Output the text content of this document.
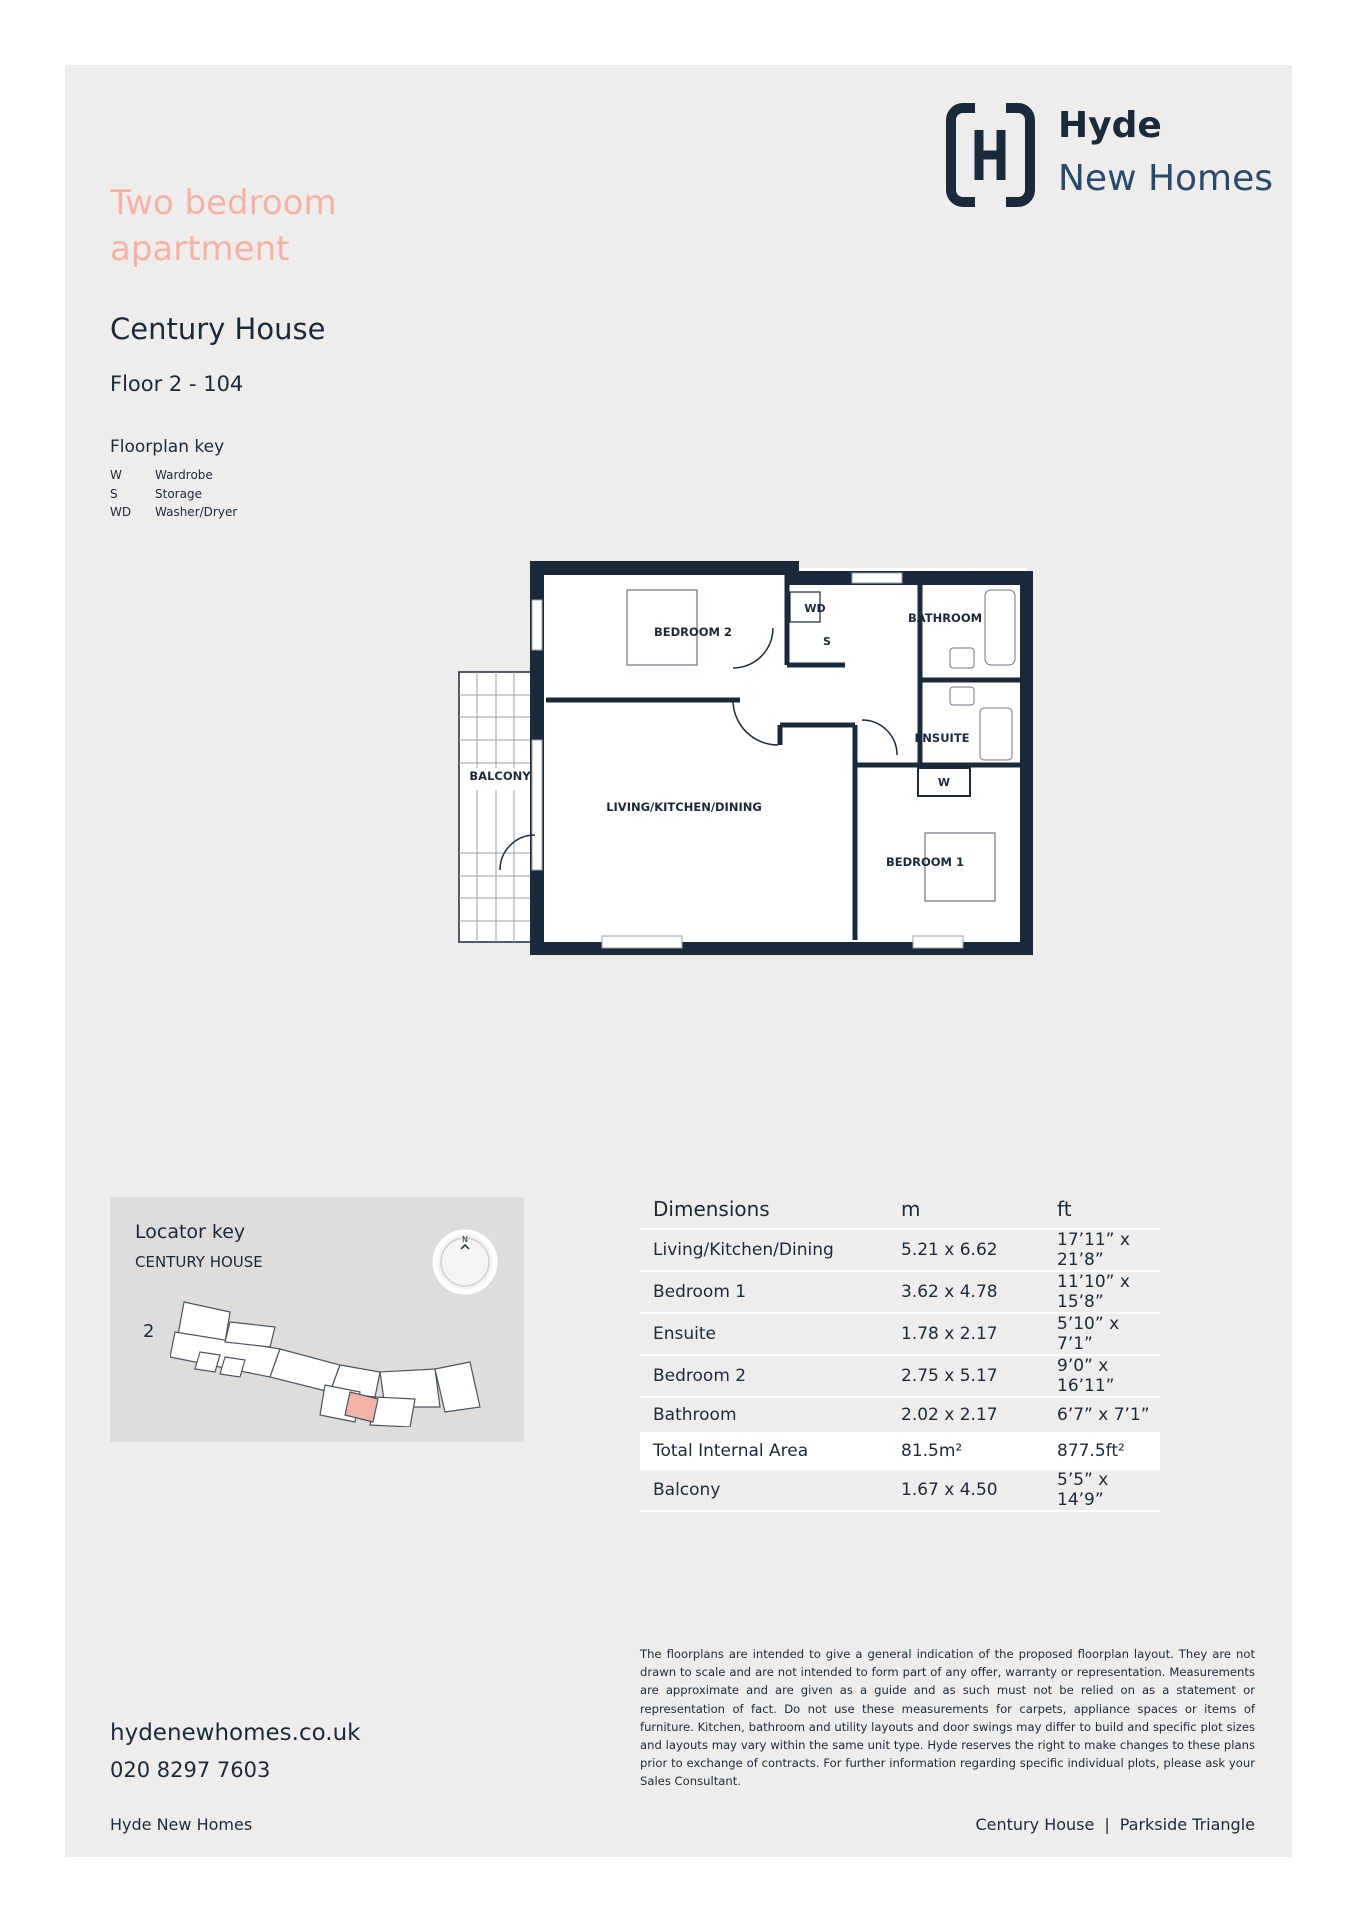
Hyde
New Homes
Two bedroom apartment
Century House
Floor 2 - 104
Floorplan key
W	Wardrobe
S	Storage
WD Washer/Dryer
BEDROOM 2
BATHROOM
ENSUITE
LIVING/KITCHEN/DINING
BEDROOM 1
BALCONY
WD
S
W
Locator key
CENTURY HOUSE
2
N
Dimensions	m	ft
Living/Kitchen/Dining	5.21 x 6.62	17’11” x 21’8”
Bedroom 1	3.62 x 4.78	11’10” x 15’8”
Ensuite	1.78 x 2.17	5’10” x 7’1”
Bedroom 2	2.75 x 5.17	9’0” x 16’11”
Bathroom	2.02 x 2.17	6’7” x 7’1”
Total Internal Area	81.5m²	877.5ft²
Balcony	1.67 x 4.50	5’5” x 14’9”
The floorplans are intended to give a general indication of the proposed floorplan layout. They are not drawn to scale and are not intended to form part of any offer, warranty or representation. Measurements are approximate and are given as a guide and as such must not be relied on as a statement or representation of fact. Do not use these measurements for carpets, appliance spaces or items of furniture. Kitchen, bathroom and utility layouts and door swings may differ to build and specific plot sizes and layouts may vary within the same unit type. Hyde reserves the right to make changes to these plans prior to exchange of contracts. For further information regarding specific individual plots, please ask your Sales Consultant.
hydenewhomes.co.uk
020 8297 7603
Hyde New Homes	Century House | Parkside Triangle
